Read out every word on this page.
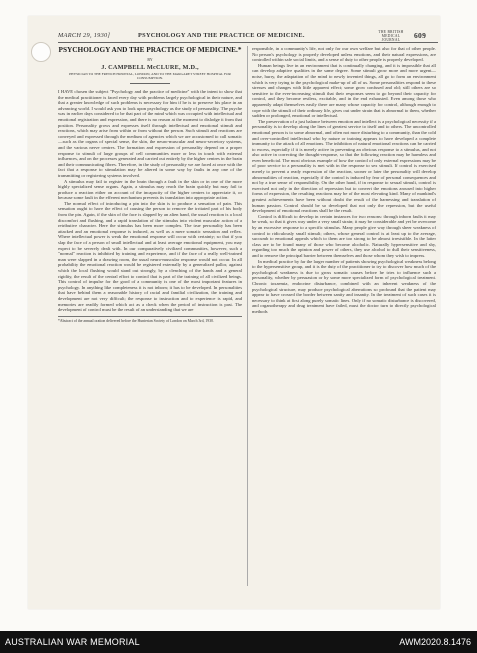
MARCH 29, 1930]	PSYCHOLOGY AND THE PRACTICE OF MEDICINE.	THE BRITISH MEDICAL JOURNAL	609
PSYCHOLOGY AND THE PRACTICE OF MEDICINE.*
BY
J. CAMPBELL McCLURE, M.D.,
PHYSICIAN TO THE FRENCH HOSPITAL, LONDON, AND TO THE MARGARET STREET HOSPITAL FOR CONSUMPTION.

I HAVE chosen the subject "Psychology and the practice of medicine" with the intent to show that the medical practitioner is faced every day with problems largely psychological in their nature, and that a greater knowledge of such problems is necessary for him if he is to preserve his place in an advancing world. I would ask you to look upon psychology as the study of personality. The psyche was in earlier days considered to be that part of the mind which was occupied with intellectual and emotional registration and expression, and there is no reason at the moment to dislodge it from that position. Personality grows and expresses itself through intellectual and emotional stimuli and reactions, which may arise from within or from without the person. Such stimuli and reactions are conveyed and expressed through the medium of agencies which we are accustomed to call somatic—such as the organs of special sense, the skin, the neuro-muscular and neuro-secretory systems, and the various nerve centres. The formation and expression of personality depend on a proper response to stimuli of large groups of cell communities more or less in touch with external influences, and on the processes generated and carried out entirely by the higher centres in the brain and their communicating fibres. Therefore, in the study of personality we are faced at once with the fact that a response to stimulation may be altered in some way by faults in any one of the transmitting or registering systems involved.

A stimulus may fail to register in the brain through a fault in the skin or in one of the more highly specialized sense organs. Again, a stimulus may reach the brain quickly but may fail to produce a reaction either on account of the incapacity of the higher centres to appreciate it, or because some fault in the efferent mechanism prevents its translation into appropriate action.

The normal effect of introducing a pin into the skin is to produce a sensation of pain. This sensation ought to have the effect of causing the person to remove the irritated part of his body from the pin. Again, if the skin of the face is slapped by an alien hand, the usual reaction is a local discomfort and flushing, and a rapid translation of the stimulus into violent muscular action of a retributive character. Here the stimulus has been more complex. The true personality has been attacked and an emotional response is induced, as well as a mere somatic sensation and reflex. Where intellectual power is weak the emotional response will occur with certainty; so that if you slap the face of a person of small intellectual and at least average emotional equipment, you may expect to be severely dealt with. In our comparatively civilized communities, however, such a "normal" reaction is inhibited by training and experience, and if the face of a really well-trained man were slapped in a drawing room, the usual neuro-muscular response would not occur. In all probability the emotional reaction would be registered externally by a generalized pallor, against which the local flushing would stand out strongly, by a clenching of the hands and a general rigidity, the result of the central effort to control that is part of the training of all civilized beings. This control of impulse for the good of a community is one of the most important features in psychology. In anything like completeness it is not inborn; it has to be developed. In personalities that have behind them a reasonable history of racial and familial civilization, the training and development are not very difficult; the response to instruction and to experience is rapid, and memories are readily formed which act as a check when the period of instruction is past. The development of control must be the result of an understanding that we are

*Abstract of the annual oration delivered before the Hunterian Society of London on March 3rd, 1930.

responsible, in a community's life, not only for our own welfare but also for that of other people. No person's psychology is properly developed unless emotions, and their natural expressions, are controlled within safe social limits, and a sense of duty to other people is properly developed.

Human beings live in an environment that is continually changing, and it is impossible that all can develop adaptive qualities in the same degree. Some stimuli grow more and more urgent—noise, hurry, the adaptation of the mind to newly invented things, all go to form an environment which is very trying to the psychological make-up of all of us. Some personalities respond to these stresses and changes with little apparent effect; some grow confused and old; still others are so sensitive to the ever-increasing stimuli that their responses seem to go beyond their capacity for control, and they become restless, excitable, and in the end exhausted. Even among those who apparently adapt themselves easily there are many whose capacity for control, although enough to cope with the stimuli of their ordinary life, gives out under strain that is abnormal to them, whether sudden or prolonged, emotional or intellectual.

The preservation of a just balance between emotion and intellect is a psychological necessity if a personality is to develop along the lines of greatest service to itself and to others. The uncontrolled emotional person is to some abnormal, and often not more disturbing to a community, than the cold and over-controlled intellectual who by nature or training appears to have developed a complete immunity to the attack of all emotions. The inhibition of natural emotional reactions can be carried to excess, especially if it is merely active in preventing an obvious response to a stimulus, and not also active in correcting the thought-response, so that the following reaction may be harmless and even beneficial. The most obvious example of how the control of only external expressions may be of poor service to a personality is met with in the response to sex stimuli. If control is exercised merely to prevent a ready expression of the reaction, sooner or later the personality will develop abnormalities of reaction, especially if the control is induced by fear of personal consequences and not by a true sense of responsibility. On the other hand, if in response to sexual stimuli, control is exercised not only in the direction of repression but to convert the emotions aroused into higher forms of expression, the resulting reactions may be of the most elevating kind. Many of mankind's greatest achievements have been without doubt the result of the harnessing and translation of human passion. Control should be so developed that not only the repression, but the useful development of emotional reactions shall be the result.

Control is difficult to develop in certain instances for two reasons: through inborn faults it may be weak, so that it gives way under a very small strain; it may be considerable and yet be overcome by an excessive response to a specific stimulus. Many people give way through sheer weakness of control to ridiculously small stimuli; others, whose general control is at least up to the average, succumb to emotional appeals which to them are too strong to be almost irresistible. In the latter class are to be found many of those who become alcoholic. Naturally hypersensitive and shy, regarding too much the opinion and power of others, they use alcohol to dull their sensitiveness, and to remove the principal barrier between themselves and those whom they wish to impress.

In medical practice by far the larger number of patients showing psychological weakness belong to the hypersensitive group, and it is the duty of the practitioner to try to discover how much of the psychological weakness is due to gross somatic causes before he tries to influence such a personality, whether by persuasion or by some more specialized form of psychological treatment. Chronic toxaemia, endocrine disturbance, combined with an inherent weakness of the psychological structure, may produce psychological aberrations so profound that the patient may appear to have crossed the border between sanity and insanity. In the treatment of such cases it is necessary to think at first along purely somatic lines. Only if no somatic disturbance is discovered, and organotherapy and drug treatment have failed, must the doctor turn to directly psychological methods

AUSTRALIAN WAR MEMORIAL	AWM2020.8.1476
